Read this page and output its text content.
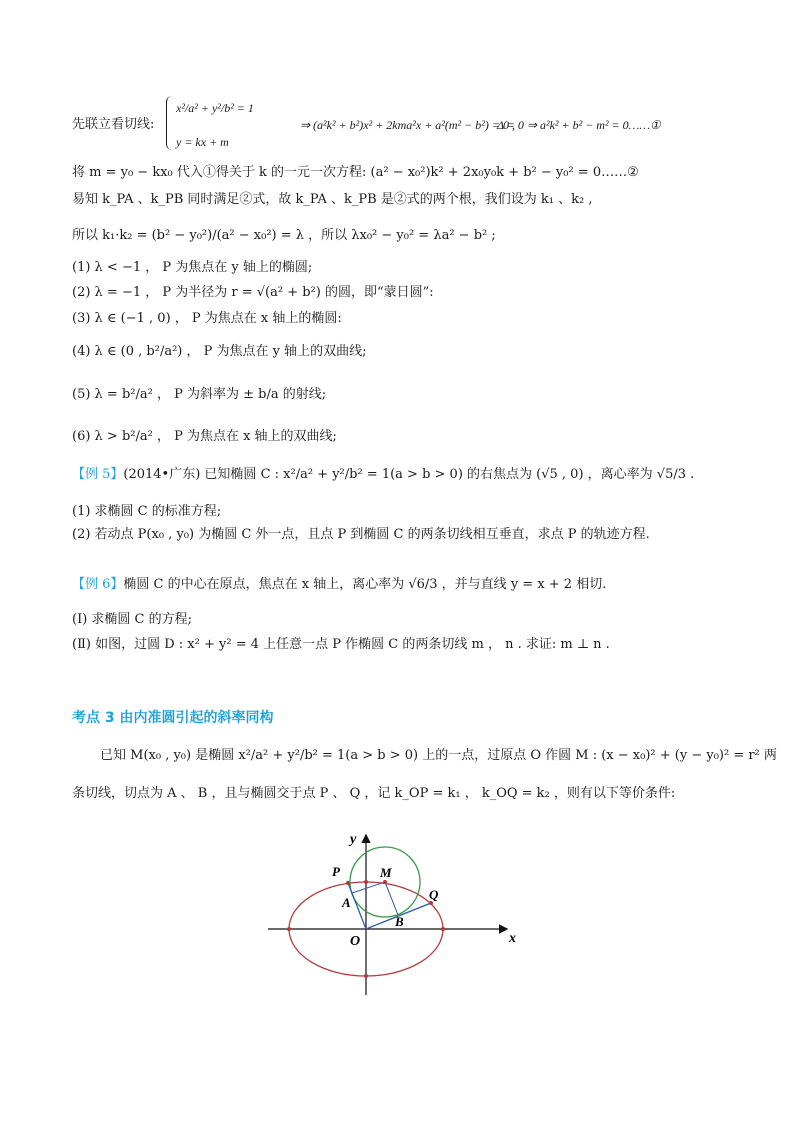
先联立看切线:
x²/a² + y²/b² = 1
y = kx + m
⇒ (a²k² + b²)x² + 2kma²x + a²(m² − b²) = 0 ,
Δ = 0 ⇒ a²k² + b² − m² = 0……①
将 m = y₀ − kx₀ 代入①得关于 k 的一元一次方程: (a² − x₀²)k² + 2x₀y₀k + b² − y₀² = 0……②
易知 k_PA 、k_PB 同时满足②式，故 k_PA 、k_PB 是②式的两个根，我们设为 k₁ 、k₂ ,
所以 k₁·k₂ = (b² − y₀²)/(a² − x₀²) = λ ，所以 λx₀² − y₀² = λa² − b² ;
(1) λ < −1 ， P 为焦点在 y 轴上的椭圆;
(2) λ = −1 ， P 为半径为 r = √(a² + b²) 的圆，即“蒙日圆”:
(3) λ ∈ (−1 , 0) ， P 为焦点在 x 轴上的椭圆:
(4) λ ∈ (0 , b²/a²) ， P 为焦点在 y 轴上的双曲线;
(5) λ = b²/a² ， P 为斜率为 ± b/a 的射线;
(6) λ > b²/a² ， P 为焦点在 x 轴上的双曲线;
【例 5】(2014•广东) 已知椭圆 C : x²/a² + y²/b² = 1(a > b > 0) 的右焦点为 (√5 , 0) ，离心率为 √5/3 .
(1) 求椭圆 C 的标准方程;
(2) 若动点 P(x₀ , y₀) 为椭圆 C 外一点，且点 P 到椭圆 C 的两条切线相互垂直，求点 P 的轨迹方程.
【例 6】椭圆 C 的中心在原点，焦点在 x 轴上，离心率为 √6/3 ，并与直线 y = x + 2 相切.
(Ⅰ) 求椭圆 C 的方程;
(Ⅱ) 如图，过圆 D : x² + y² = 4 上任意一点 P 作椭圆 C 的两条切线 m ， n . 求证: m ⊥ n .
考点 3 由内准圆引起的斜率同构
已知 M(x₀ , y₀) 是椭圆 x²/a² + y²/b² = 1(a > b > 0) 上的一点，过原点 O 作圆 M : (x − x₀)² + (y − y₀)² = r² 两
条切线，切点为 A 、 B ，且与椭圆交于点 P 、 Q ，记 k_OP = k₁ ， k_OQ = k₂ ，则有以下等价条件:
y
x
O
P	M
Q
A
B
